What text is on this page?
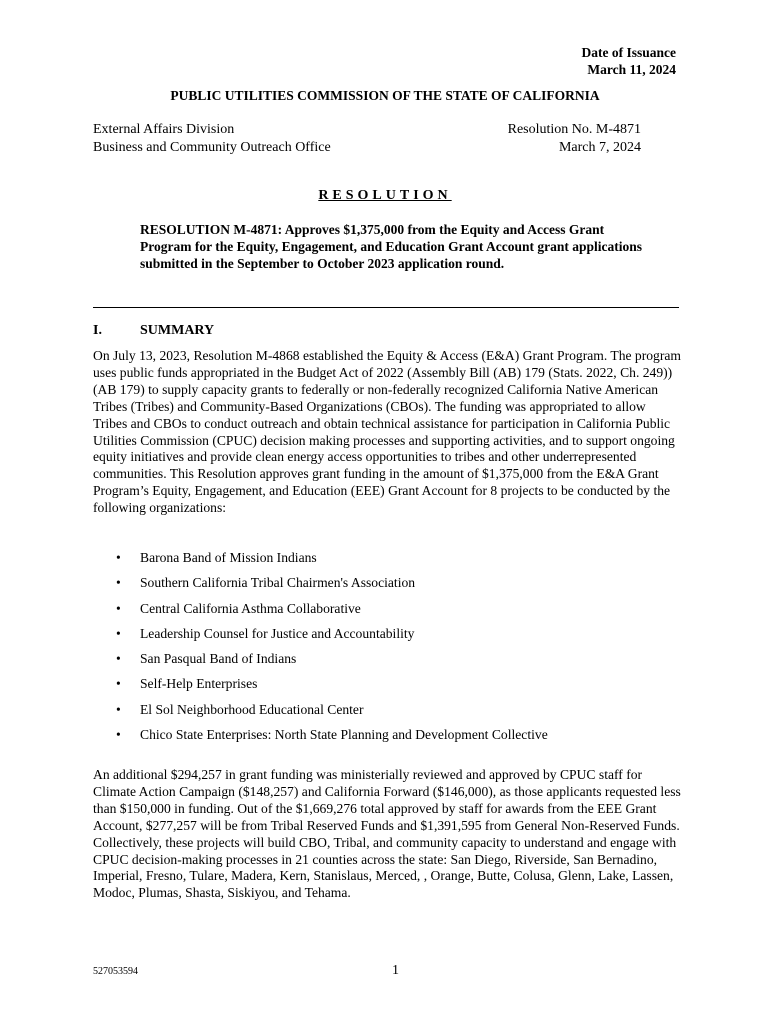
Date of Issuance
March 11, 2024
PUBLIC UTILITIES COMMISSION OF THE STATE OF CALIFORNIA
External Affairs Division
Business and Community Outreach Office
Resolution No. M-4871
March 7, 2024
RESOLUTION
RESOLUTION M-4871: Approves $1,375,000 from the Equity and Access Grant Program for the Equity, Engagement, and Education Grant Account grant applications submitted in the September to October 2023 application round.
I.	SUMMARY
On July 13, 2023, Resolution M-4868 established the Equity & Access (E&A) Grant Program. The program uses public funds appropriated in the Budget Act of 2022 (Assembly Bill (AB) 179 (Stats. 2022, Ch. 249)) (AB 179) to supply capacity grants to federally or non-federally recognized California Native American Tribes (Tribes) and Community-Based Organizations (CBOs). The funding was appropriated to allow Tribes and CBOs to conduct outreach and obtain technical assistance for participation in California Public Utilities Commission (CPUC) decision making processes and supporting activities, and to support ongoing equity initiatives and provide clean energy access opportunities to tribes and other underrepresented communities. This Resolution approves grant funding in the amount of $1,375,000 from the E&A Grant Program’s Equity, Engagement, and Education (EEE) Grant Account for 8 projects to be conducted by the following organizations:
• Barona Band of Mission Indians
• Southern California Tribal Chairmen's Association
• Central California Asthma Collaborative
• Leadership Counsel for Justice and Accountability
• San Pasqual Band of Indians
• Self-Help Enterprises
• El Sol Neighborhood Educational Center
• Chico State Enterprises: North State Planning and Development Collective
An additional $294,257 in grant funding was ministerially reviewed and approved by CPUC staff for Climate Action Campaign ($148,257) and California Forward ($146,000), as those applicants requested less than $150,000 in funding. Out of the $1,669,276 total approved by staff for awards from the EEE Grant Account, $277,257 will be from Tribal Reserved Funds and $1,391,595 from General Non-Reserved Funds. Collectively, these projects will build CBO, Tribal, and community capacity to understand and engage with CPUC decision-making processes in 21 counties across the state: San Diego, Riverside, San Bernadino, Imperial, Fresno, Tulare, Madera, Kern, Stanislaus, Merced, , Orange, Butte, Colusa, Glenn, Lake, Lassen, Modoc, Plumas, Shasta, Siskiyou, and Tehama.
527053594	1
